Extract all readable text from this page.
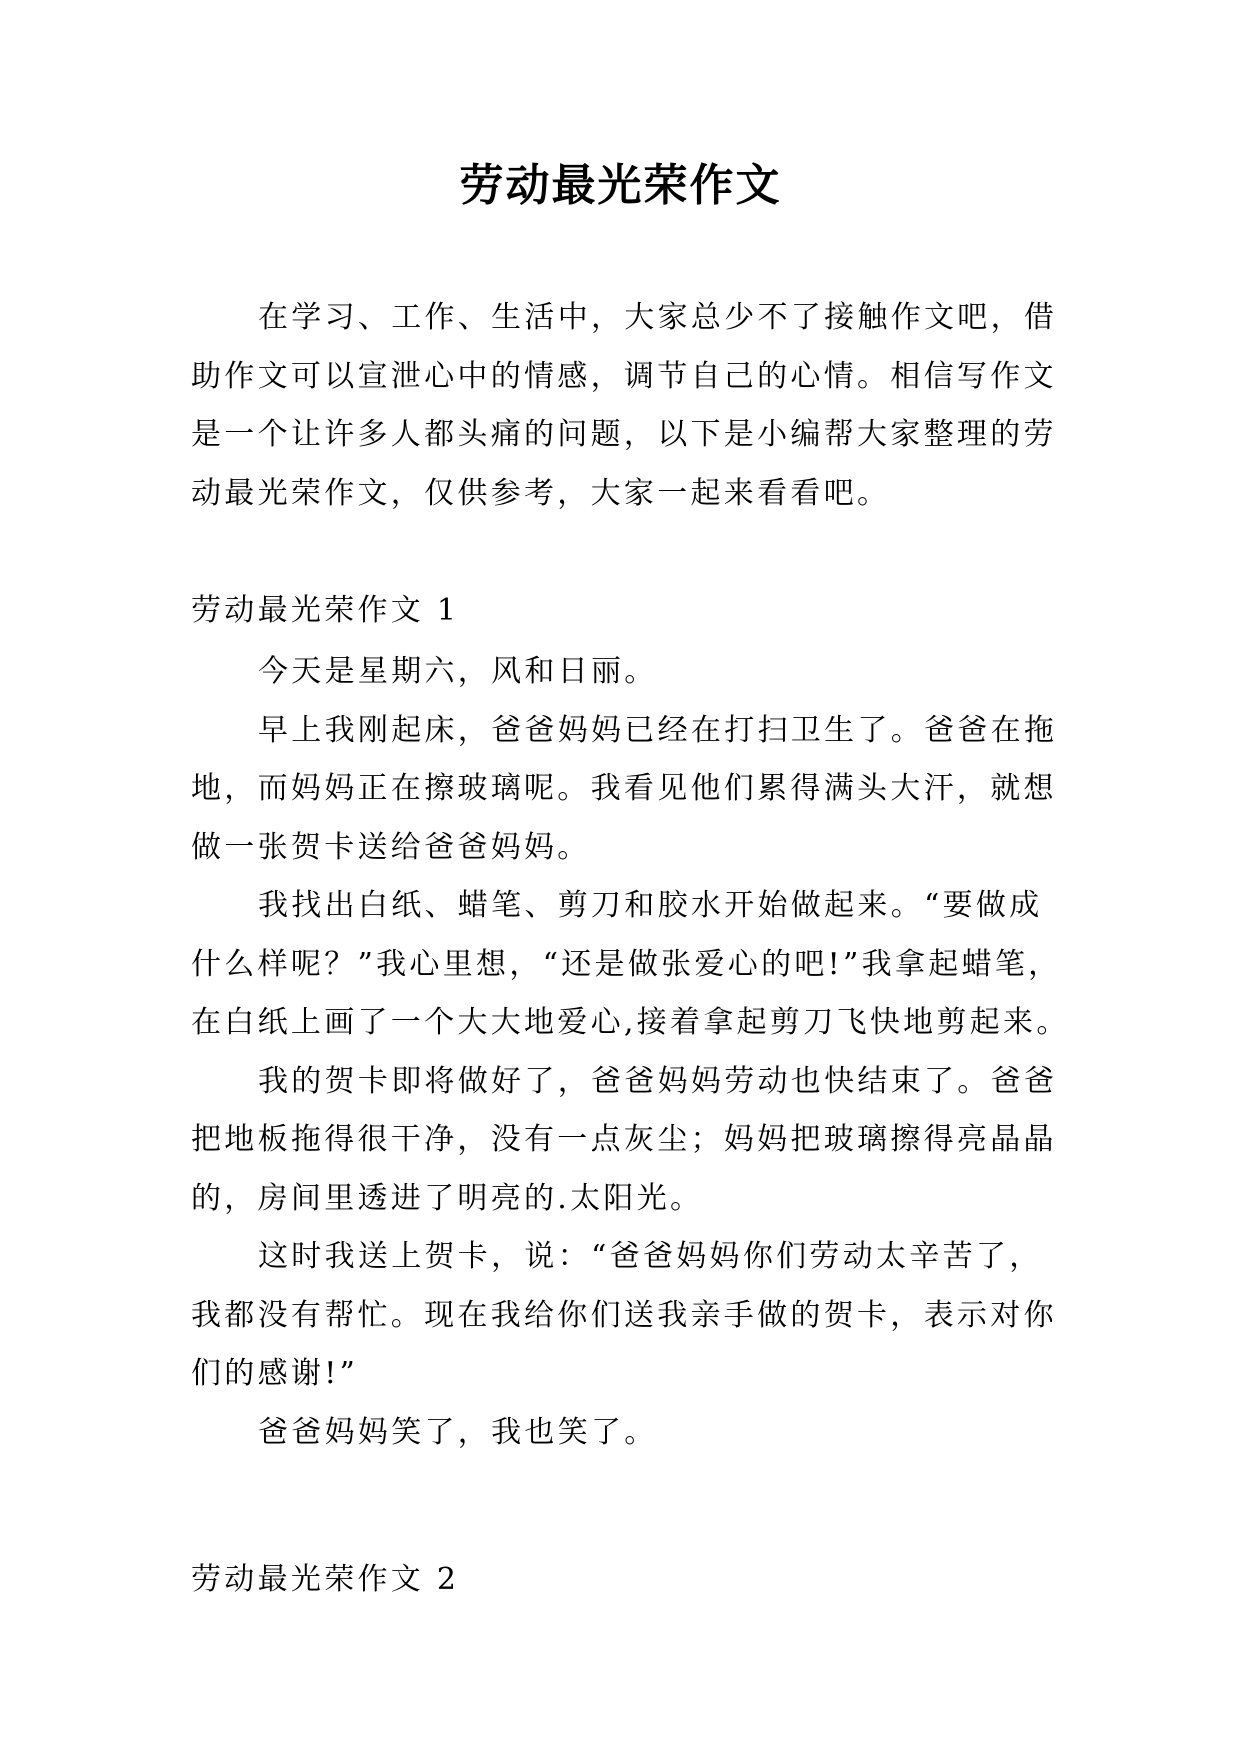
劳动最光荣作文
在学习、工作、生活中，大家总少不了接触作文吧，借
助作文可以宣泄心中的情感，调节自己的心情。相信写作文
是一个让许多人都头痛的问题，以下是小编帮大家整理的劳
动最光荣作文，仅供参考，大家一起来看看吧。
劳动最光荣作文 1
今天是星期六，风和日丽。
早上我刚起床，爸爸妈妈已经在打扫卫生了。爸爸在拖
地，而妈妈正在擦玻璃呢。我看见他们累得满头大汗，就想
做一张贺卡送给爸爸妈妈。
我找出白纸、蜡笔、剪刀和胶水开始做起来。“要做成
什么样呢？”我心里想，“还是做张爱心的吧!”我拿起蜡笔，
在白纸上画了一个大大地爱心,接着拿起剪刀飞快地剪起来。
我的贺卡即将做好了，爸爸妈妈劳动也快结束了。爸爸
把地板拖得很干净，没有一点灰尘；妈妈把玻璃擦得亮晶晶
的，房间里透进了明亮的.太阳光。
这时我送上贺卡，说：“爸爸妈妈你们劳动太辛苦了，
我都没有帮忙。现在我给你们送我亲手做的贺卡，表示对你
们的感谢!”
爸爸妈妈笑了，我也笑了。
劳动最光荣作文 2
